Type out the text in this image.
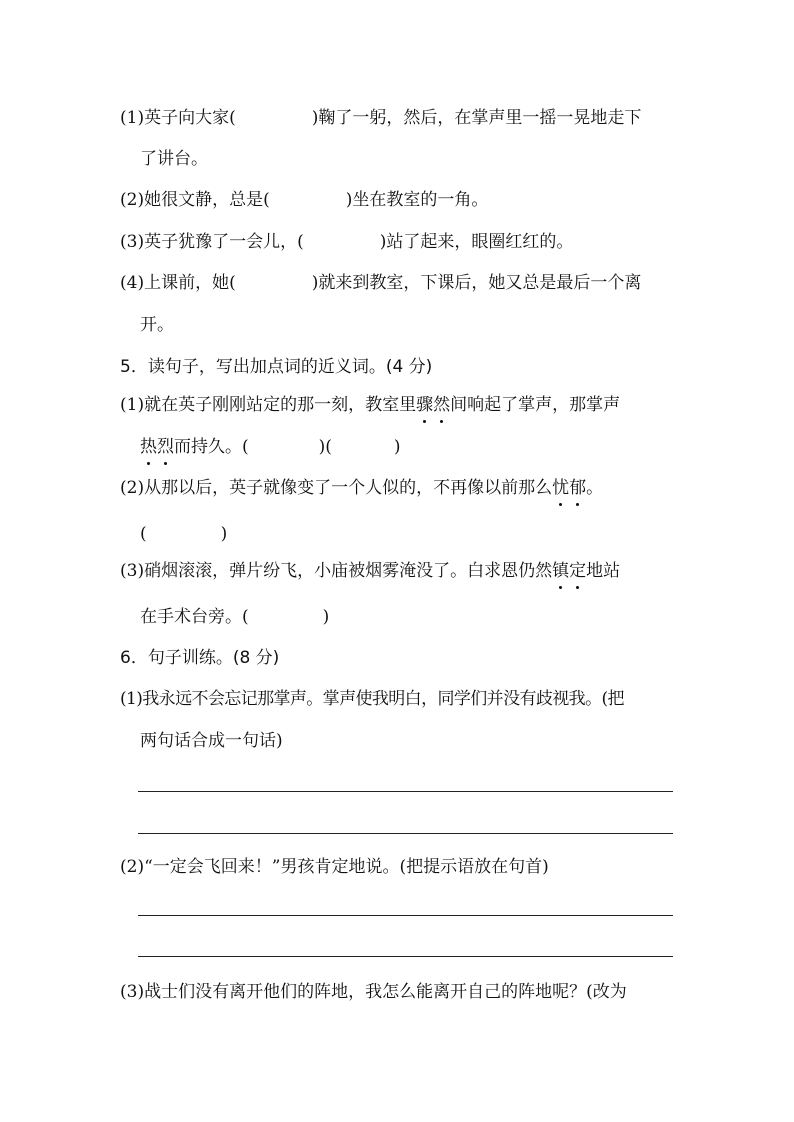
(1)英子向大家(	)鞠了一躬，然后，在掌声里一摇一晃地走下
了讲台。
(2)她很文静，总是(	)坐在教室的一角。
(3)英子犹豫了一会儿，(	)站了起来，眼圈红红的。
(4)上课前，她(	)就来到教室，下课后，她又总是最后一个离
开。
5．读句子，写出加点词的近义词。(4 分)
(1)就在英子刚刚站定的那一刻，教室里骤然间响起了掌声，那掌声
热烈而持久。(	)(	)
(2)从那以后，英子就像变了一个人似的，不再像以前那么忧郁。
(	)
(3)硝烟滚滚，弹片纷飞，小庙被烟雾淹没了。白求恩仍然镇定地站
在手术台旁。(	)
6．句子训练。(8 分)
(1)我永远不会忘记那掌声。掌声使我明白，同学们并没有歧视我。(把
两句话合成一句话)
(2)“一定会飞回来！”男孩肯定地说。(把提示语放在句首)
(3)战士们没有离开他们的阵地，我怎么能离开自己的阵地呢？(改为
